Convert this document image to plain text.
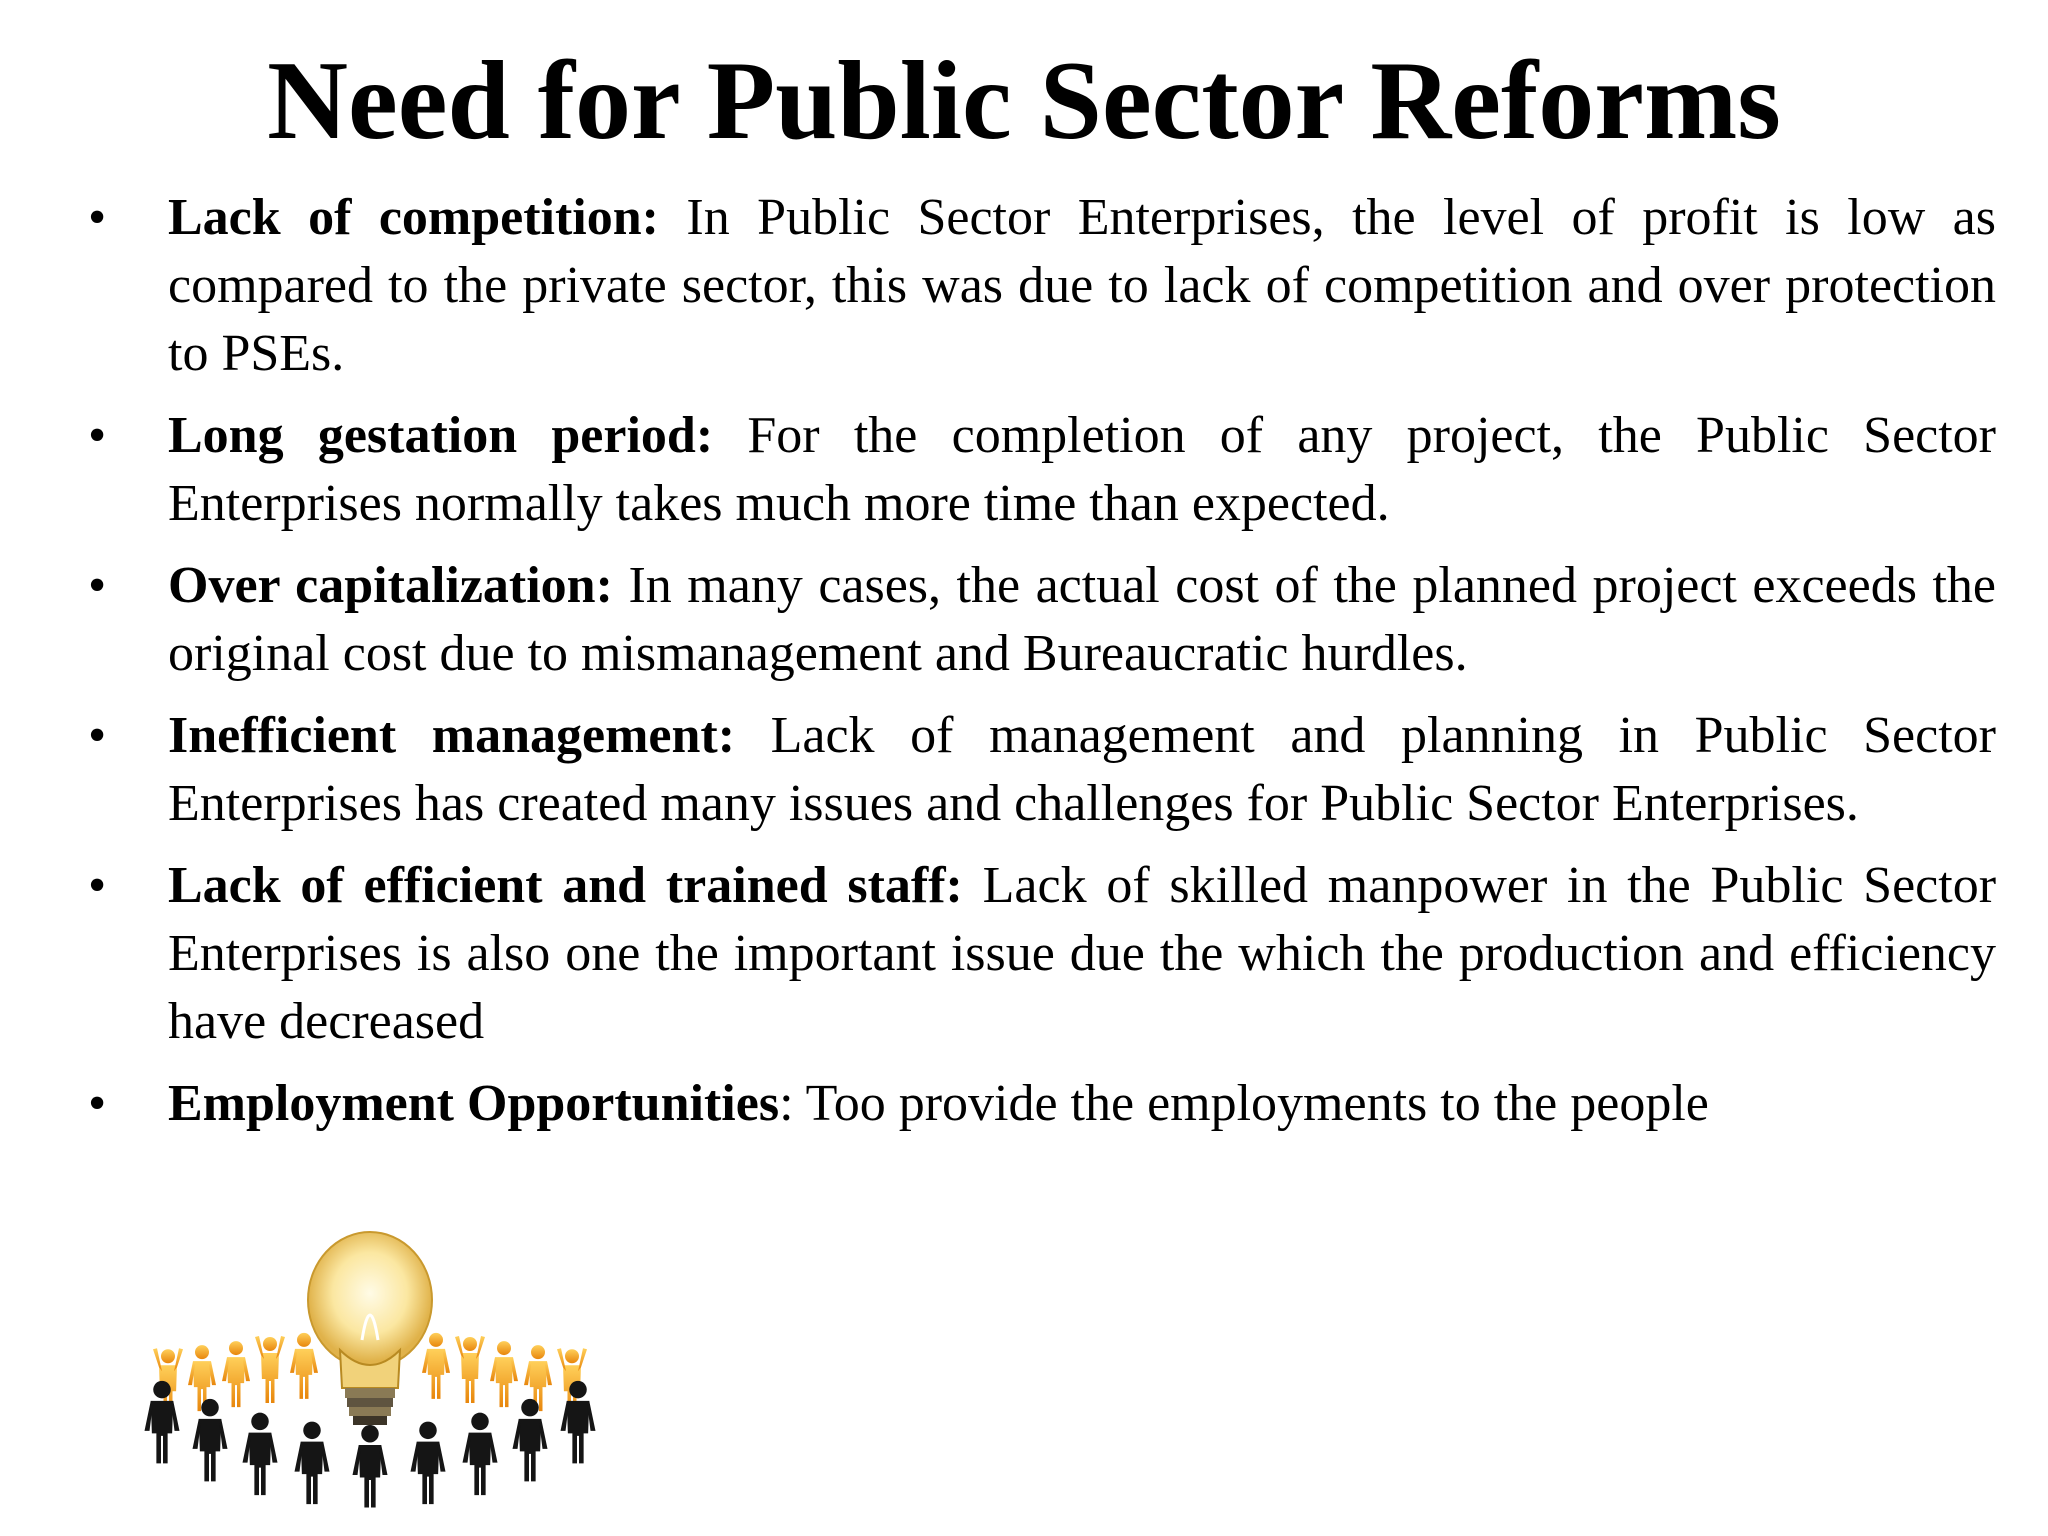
Need for Public Sector Reforms
• Lack of competition: In Public Sector Enterprises, the level of profit is low as compared to the private sector, this was due to lack of competition and over protection to PSEs.
• Long gestation period: For the completion of any project, the Public Sector Enterprises normally takes much more time than expected.
• Over capitalization: In many cases, the actual cost of the planned project exceeds the original cost due to mismanagement and Bureaucratic hurdles.
• Inefficient management: Lack of management and planning in Public Sector Enterprises has created many issues and challenges for Public Sector Enterprises.
• Lack of efficient and trained staff: Lack of skilled manpower in the Public Sector Enterprises is also one the important issue due the which the production and efficiency have decreased
• Employment Opportunities: Too provide the employments to the people
